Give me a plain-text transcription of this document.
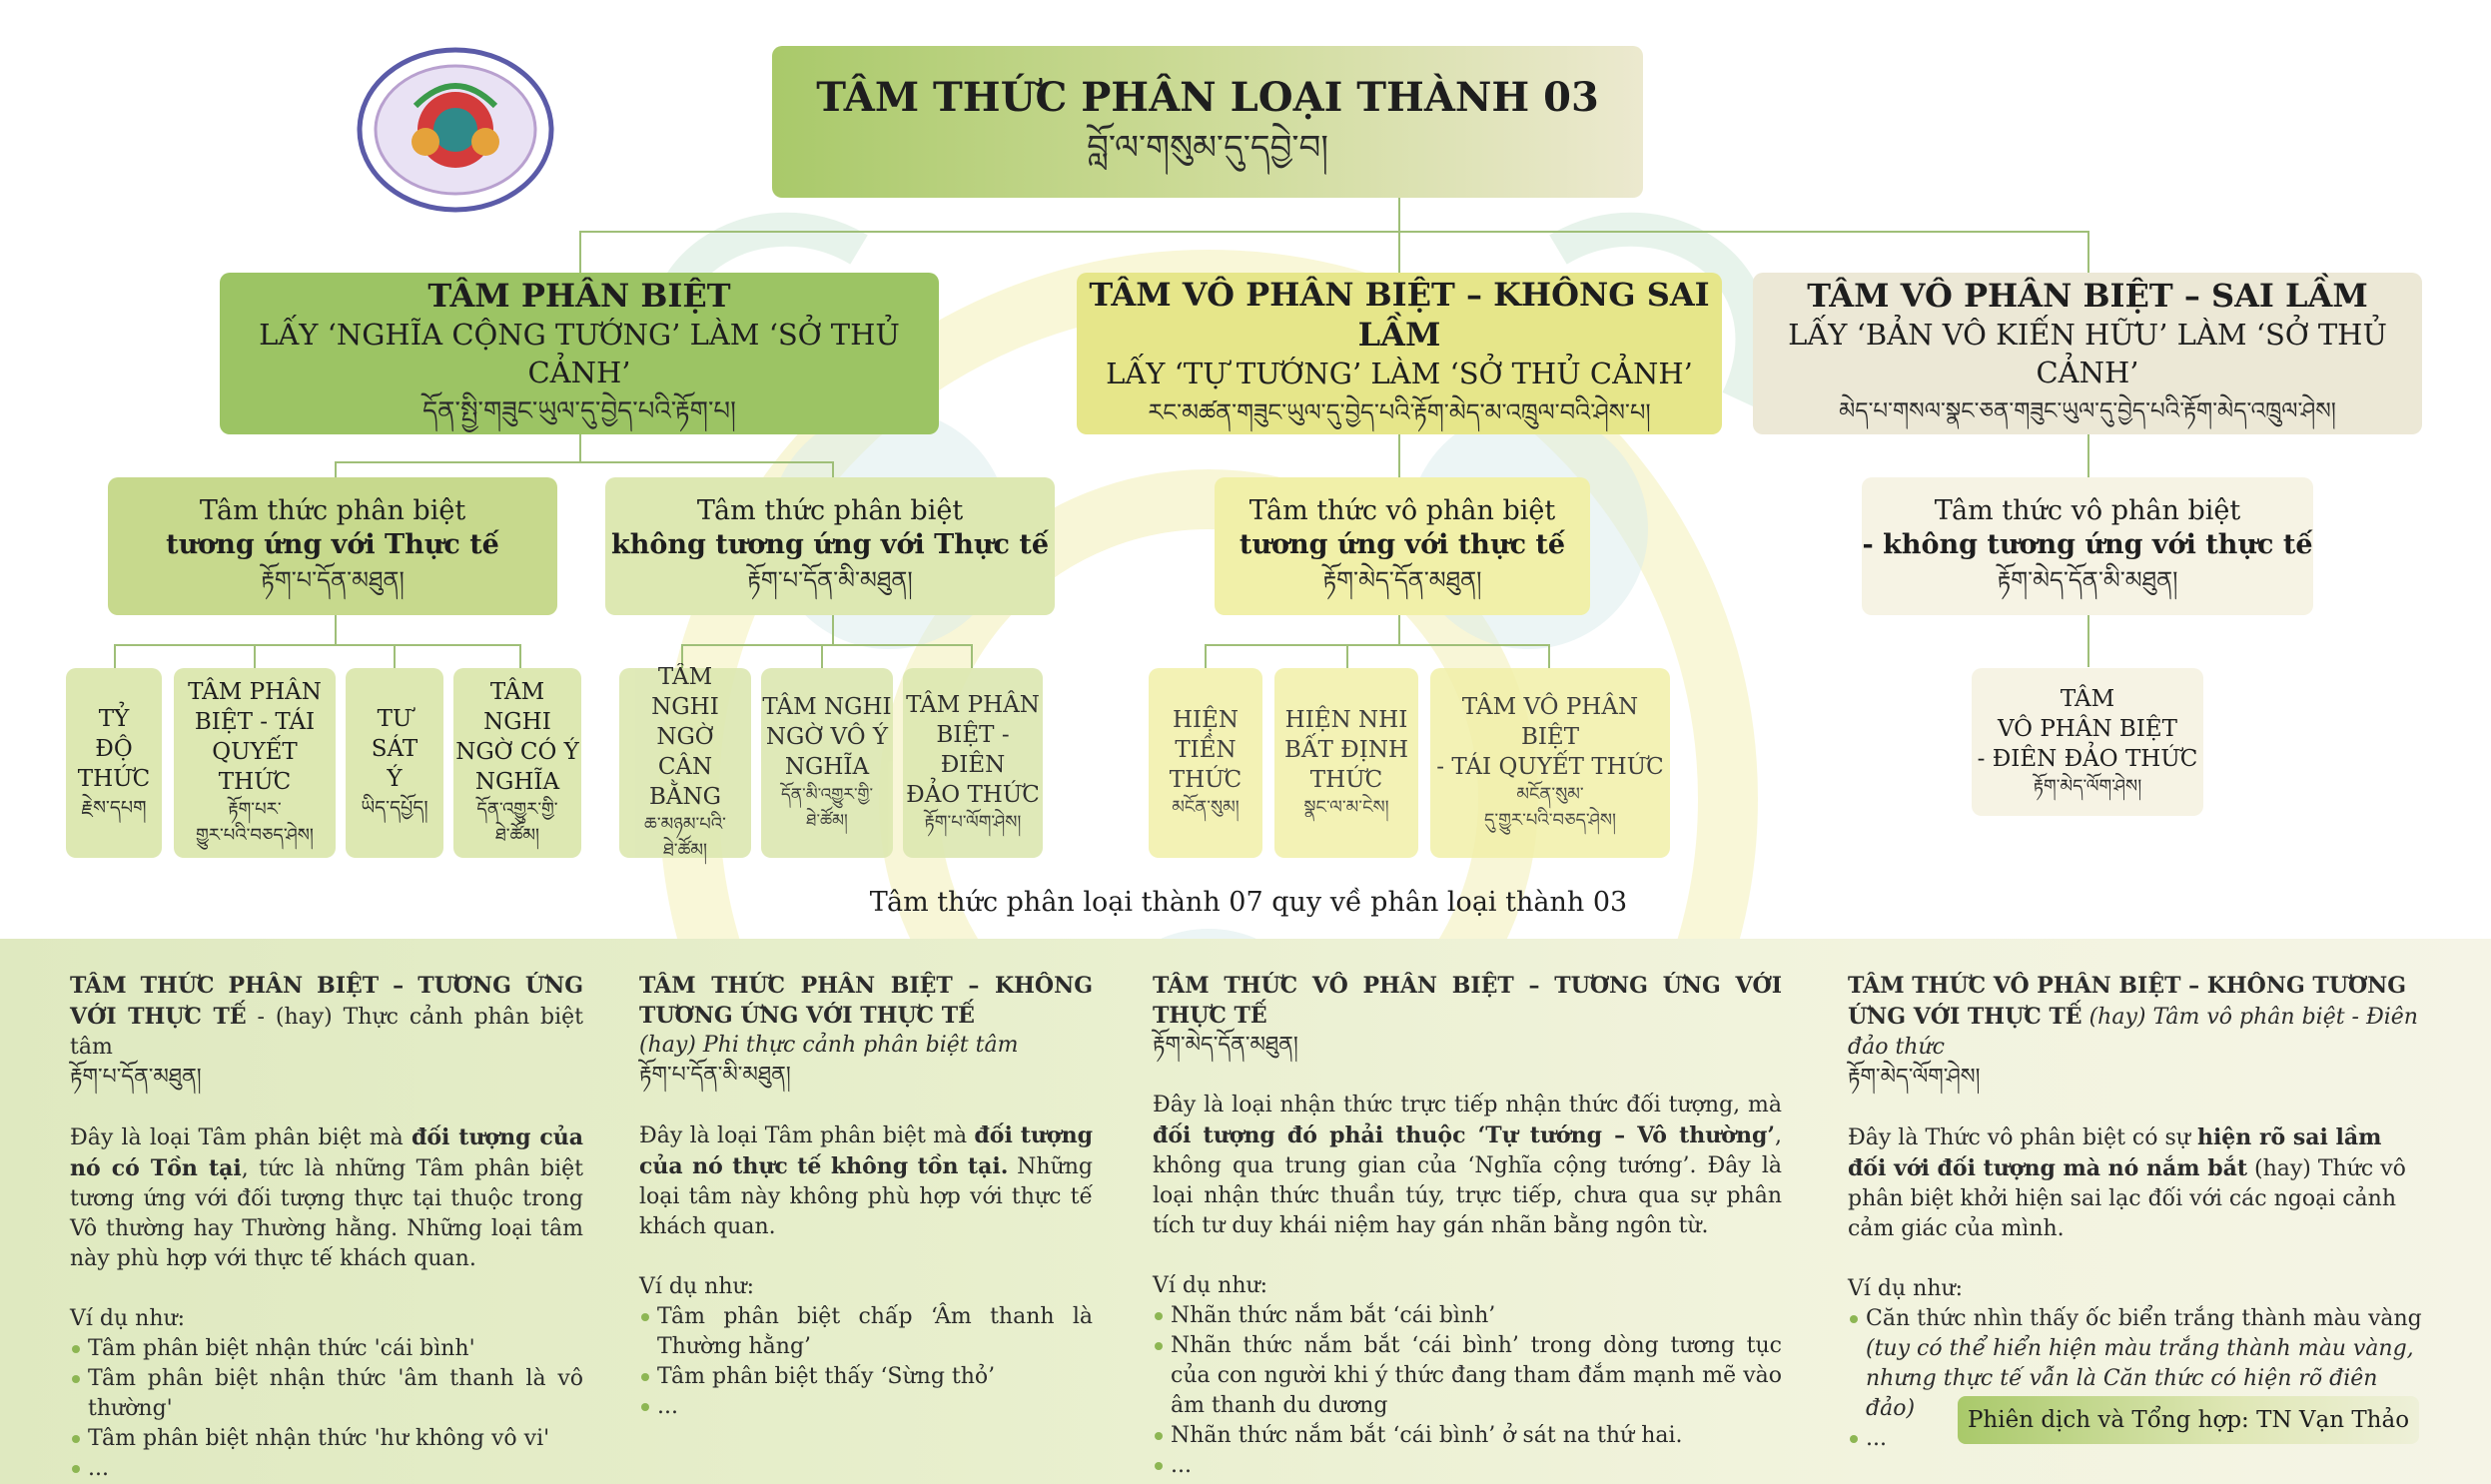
TÂM THỨC PHÂN LOẠI THÀNH 03
བློ་ལ་གསུམ་དུ་དབྱེ་བ།
TÂM PHÂN BIỆT
LẤY ‘NGHĨA CỘNG TƯỚNG’ LÀM ‘SỞ THỦ CẢNH’
དོན་སྤྱི་གཟུང་ཡུལ་དུ་བྱེད་པའི་རྟོག་པ།
TÂM VÔ PHÂN BIỆT – KHÔNG SAI LẦM
LẤY ‘TỰ TƯỚNG’ LÀM ‘SỞ THỦ CẢNH’
རང་མཚན་གཟུང་ཡུལ་དུ་བྱེད་པའི་རྟོག་མེད་མ་འཁྲུལ་བའི་ཤེས་པ།
TÂM VÔ PHÂN BIỆT – SAI LẦM
LẤY ‘BẢN VÔ KIẾN HỮU’ LÀM ‘SỞ THỦ CẢNH’
མེད་པ་གསལ་སྣང་ཅན་གཟུང་ཡུལ་དུ་བྱེད་པའི་རྟོག་མེད་འཁྲུལ་ཤེས།
Tâm thức phân biệt
tương ứng với Thực tế
རྟོག་པ་དོན་མཐུན།
Tâm thức phân biệt
không tương ứng với Thực tế
རྟོག་པ་དོན་མི་མཐུན།
Tâm thức vô phân biệt
tương ứng với thực tế
རྟོག་མེད་དོན་མཐུན།
Tâm thức vô phân biệt
- không tương ứng với thực tế
རྟོག་མེད་དོན་མི་མཐུན།
TỶ
ĐỘ
THỨC
རྗེས་དཔག
TÂM PHÂN
BIỆT - TÁI
QUYẾT THỨC
རྟོག་པར་
གྱུར་པའི་བཅད་ཤེས།
TƯ
SÁT
Ý
ཡིད་དཔྱོད།
TÂM NGHI
NGỜ CÓ Ý
NGHĨA
དོན་འགྱུར་གྱི་
ཐེ་ཚོམ།
TÂM
NGHI NGỜ
CÂN BẰNG
ཆ་མཉམ་པའི་
ཐེ་ཚོམ།
TÂM NGHI
NGỜ VÔ Ý
NGHĨA
དོན་མི་འགྱུར་གྱི་
ཐེ་ཚོམ།
TÂM PHÂN
BIỆT - ĐIÊN
ĐẢO THỨC
རྟོག་པ་ལོག་ཤེས།
HIỆN
TIỀN
THỨC
མངོན་སུམ།
HIỆN NHI
BẤT ĐỊNH
THỨC
སྣང་ལ་མ་ངེས།
TÂM VÔ PHÂN BIỆT
- TÁI QUYẾT THỨC
མངོན་སུམ་
དུ་གྱུར་པའི་བཅད་ཤེས།
TÂM
VÔ PHÂN BIỆT
- ĐIÊN ĐẢO THỨC
རྟོག་མེད་ལོག་ཤེས།
Tâm thức phân loại thành 07 quy về phân loại thành 03
TÂM THỨC PHÂN BIỆT – TƯƠNG ỨNG VỚI THỰC TẾ - (hay) Thực cảnh phân biệt tâm

རྟོག་པ་དོན་མཐུན།

Đây là loại Tâm phân biệt mà đối tượng của nó có Tồn tại, tức là những Tâm phân biệt tương ứng với đối tượng thực tại thuộc trong Vô thường hay Thường hằng. Những loại tâm này phù hợp với thực tế khách quan.

Ví dụ như:
Tâm phân biệt nhận thức 'cái bình'
Tâm phân biệt nhận thức 'âm thanh là vô thường'
Tâm phân biệt nhận thức 'hư không vô vi'
...
TÂM THỨC PHÂN BIỆT – KHÔNG TƯƠNG ỨNG VỚI THỰC TẾ
(hay) Phi thực cảnh phân biệt tâm

རྟོག་པ་དོན་མི་མཐུན།

Đây là loại Tâm phân biệt mà đối tượng của nó thực tế không tồn tại. Những loại tâm này không phù hợp với thực tế khách quan.

Ví dụ như:
Tâm phân biệt chấp ‘Âm thanh là Thường hằng’
Tâm phân biệt thấy ‘Sừng thỏ’
...
TÂM THỨC VÔ PHÂN BIỆT – TƯƠNG ỨNG VỚI THỰC TẾ

རྟོག་མེད་དོན་མཐུན།

Đây là loại nhận thức trực tiếp nhận thức đối tượng, mà đối tượng đó phải thuộc ‘Tự tướng – Vô thường’, không qua trung gian của ‘Nghĩa cộng tướng’. Đây là loại nhận thức thuần túy, trực tiếp, chưa qua sự phân tích tư duy khái niệm hay gán nhãn bằng ngôn từ.

Ví dụ như:
Nhãn thức nắm bắt ‘cái bình’
Nhãn thức nắm bắt ‘cái bình’ trong dòng tương tục của con người khi ý thức đang tham đắm mạnh mẽ vào âm thanh du dương
Nhãn thức nắm bắt ‘cái bình’ ở sát na thứ hai.
...
TÂM THỨC VÔ PHÂN BIỆT – KHÔNG TƯƠNG ỨNG VỚI THỰC TẾ (hay) Tâm vô phân biệt - Điên đảo thức

རྟོག་མེད་ལོག་ཤེས།

Đây là Thức vô phân biệt có sự hiện rõ sai lầm đối với đối tượng mà nó nắm bắt (hay) Thức vô phân biệt khởi hiện sai lạc đối với các ngoại cảnh cảm giác của mình.

Ví dụ như:
Căn thức nhìn thấy ốc biển trắng thành màu vàng
(tuy có thể hiển hiện màu trắng thành màu vàng, nhưng thực tế vẫn là Căn thức có hiện rõ điên đảo)
...
Phiên dịch và Tổng hợp: TN Vạn Thảo
